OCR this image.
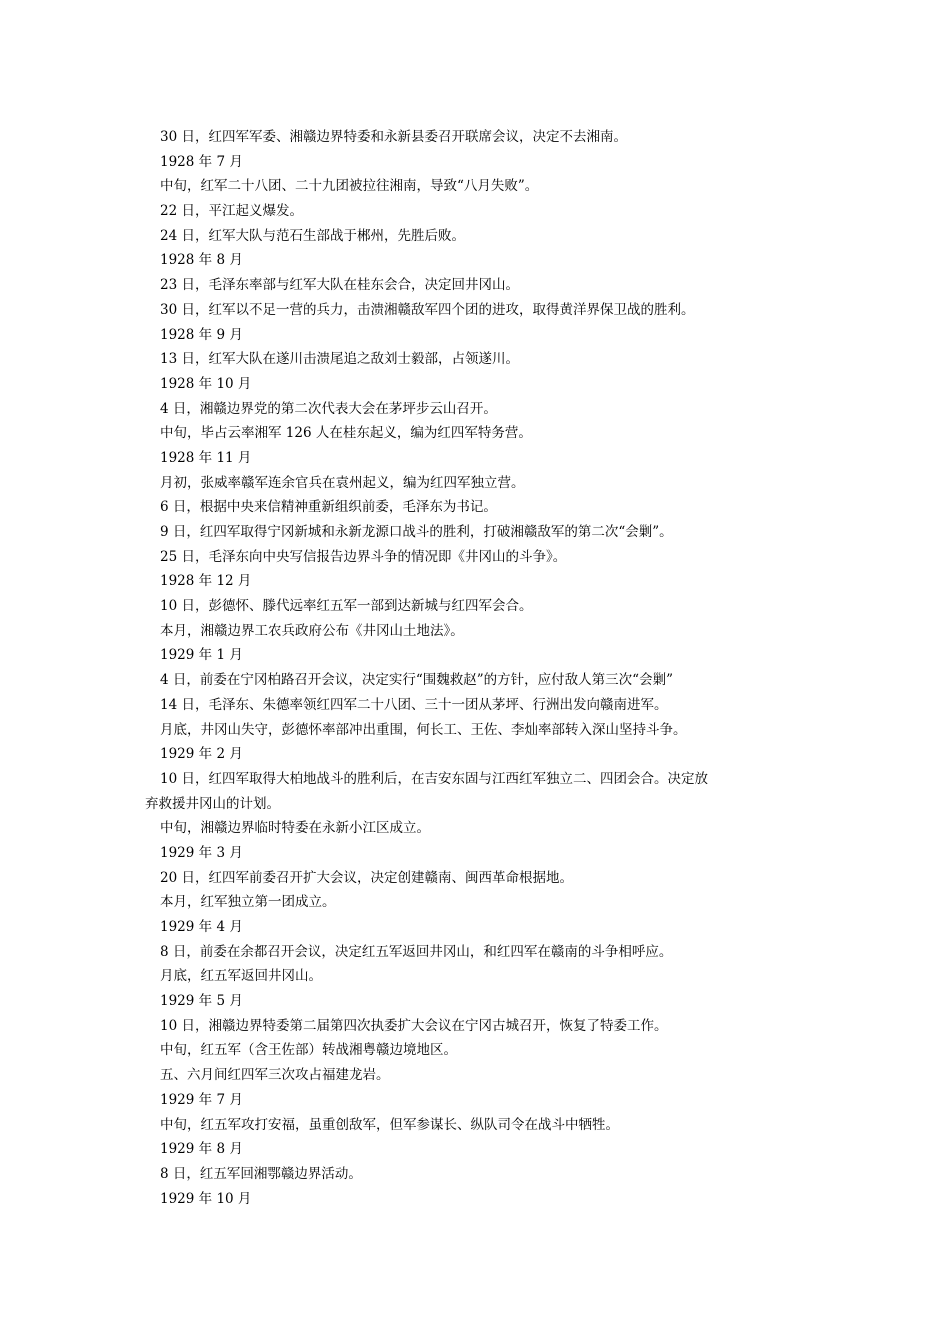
30 日，红四军军委、湘赣边界特委和永新县委召开联席会议，决定不去湘南。
1928 年 7 月
中旬，红军二十八团、二十九团被拉往湘南，导致“八月失败”。
22 日，平江起义爆发。
24 日，红军大队与范石生部战于郴州，先胜后败。
1928 年 8 月
23 日，毛泽东率部与红军大队在桂东会合，决定回井冈山。
30 日，红军以不足一营的兵力，击溃湘赣敌军四个团的进攻，取得黄洋界保卫战的胜利。
1928 年 9 月
13 日，红军大队在遂川击溃尾追之敌刘士毅部，占领遂川。
1928 年 10 月
4 日，湘赣边界党的第二次代表大会在茅坪步云山召开。
中旬，毕占云率湘军 126 人在桂东起义，编为红四军特务营。
1928 年 11 月
月初，张威率赣军连余官兵在袁州起义，编为红四军独立营。
6 日，根据中央来信精神重新组织前委，毛泽东为书记。
9 日，红四军取得宁冈新城和永新龙源口战斗的胜利，打破湘赣敌军的第二次“会剿”。
25 日，毛泽东向中央写信报告边界斗争的情况即《井冈山的斗争》。
1928 年 12 月
10 日，彭德怀、滕代远率红五军一部到达新城与红四军会合。
本月，湘赣边界工农兵政府公布《井冈山土地法》。
1929 年 1 月
4 日，前委在宁冈柏路召开会议，决定实行“围魏救赵”的方针，应付敌人第三次“会剿”
14 日，毛泽东、朱德率领红四军二十八团、三十一团从茅坪、行洲出发向赣南进军。
月底，井冈山失守，彭德怀率部冲出重围，何长工、王佐、李灿率部转入深山坚持斗争。
1929 年 2 月
10 日，红四军取得大柏地战斗的胜利后，在吉安东固与江西红军独立二、四团会合。决定放
弃救援井冈山的计划。
中旬，湘赣边界临时特委在永新小江区成立。
1929 年 3 月
20 日，红四军前委召开扩大会议，决定创建赣南、闽西革命根据地。
本月，红军独立第一团成立。
1929 年 4 月
8 日，前委在余都召开会议，决定红五军返回井冈山，和红四军在赣南的斗争相呼应。
月底，红五军返回井冈山。
1929 年 5 月
10 日，湘赣边界特委第二届第四次执委扩大会议在宁冈古城召开，恢复了特委工作。
中旬，红五军（含王佐部）转战湘粤赣边境地区。
五、六月间红四军三次攻占福建龙岩。
1929 年 7 月
中旬，红五军攻打安福，虽重创敌军，但军参谋长、纵队司令在战斗中牺牲。
1929 年 8 月
8 日，红五军回湘鄂赣边界活动。
1929 年 10 月
